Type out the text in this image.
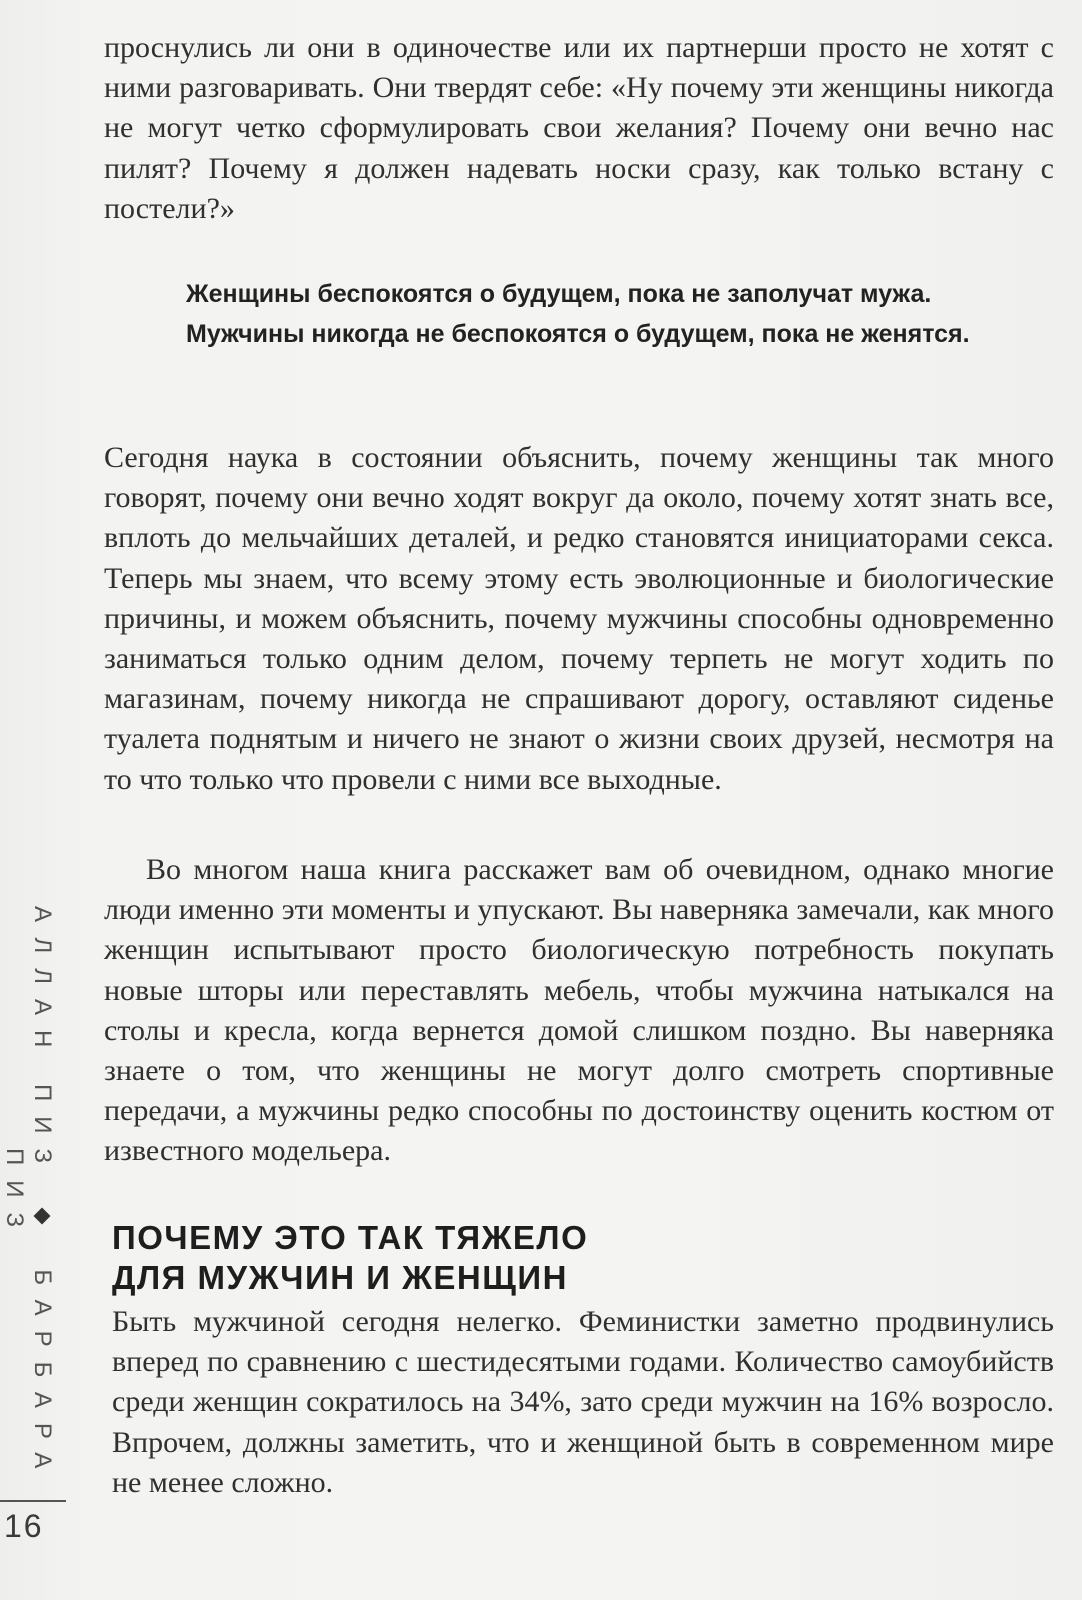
проснулись ли они в одиночестве или их партнерши просто не хотят с ними разговаривать. Они твердят себе: «Ну почему эти женщины никогда не могут четко сформулировать свои желания? Почему они вечно нас пилят? Почему я должен надевать носки сразу, как только встану с постели?»

Женщины беспокоятся о будущем, пока не заполучат мужа. Мужчины никогда не беспокоятся о будущем, пока не женятся.

Сегодня наука в состоянии объяснить, почему женщины так много говорят, почему они вечно ходят вокруг да около, почему хотят знать все, вплоть до мельчайших деталей, и редко становятся инициаторами секса. Теперь мы знаем, что всему этому есть эволюционные и биологические причины, и можем объяснить, почему мужчины способны одновременно заниматься только одним делом, почему терпеть не могут ходить по магазинам, почему никогда не спрашивают дорогу, оставляют сиденье туалета поднятым и ничего не знают о жизни своих друзей, несмотря на то что только что провели с ними все выходные.

Во многом наша книга расскажет вам об очевидном, однако многие люди именно эти моменты и упускают. Вы наверняка замечали, как много женщин испытывают просто биологическую потребность покупать новые шторы или переставлять мебель, чтобы мужчина натыкался на столы и кресла, когда вернется домой слишком поздно. Вы наверняка знаете о том, что женщины не могут долго смотреть спортивные передачи, а мужчины редко способны по достоинству оценить костюм от известного модельера.

ПОЧЕМУ ЭТО ТАК ТЯЖЕЛО
ДЛЯ МУЖЧИН И ЖЕНЩИН

Быть мужчиной сегодня нелегко. Феминистки заметно продвинулись вперед по сравнению с шестидесятыми годами. Количество самоубийств среди женщин сократилось на 34%, зато среди мужчин на 16% возросло. Впрочем, должны заметить, что и женщиной быть в современном мире не менее сложно.

АЛЛАН ПИЗ  БАРБАРА ПИЗ
16
